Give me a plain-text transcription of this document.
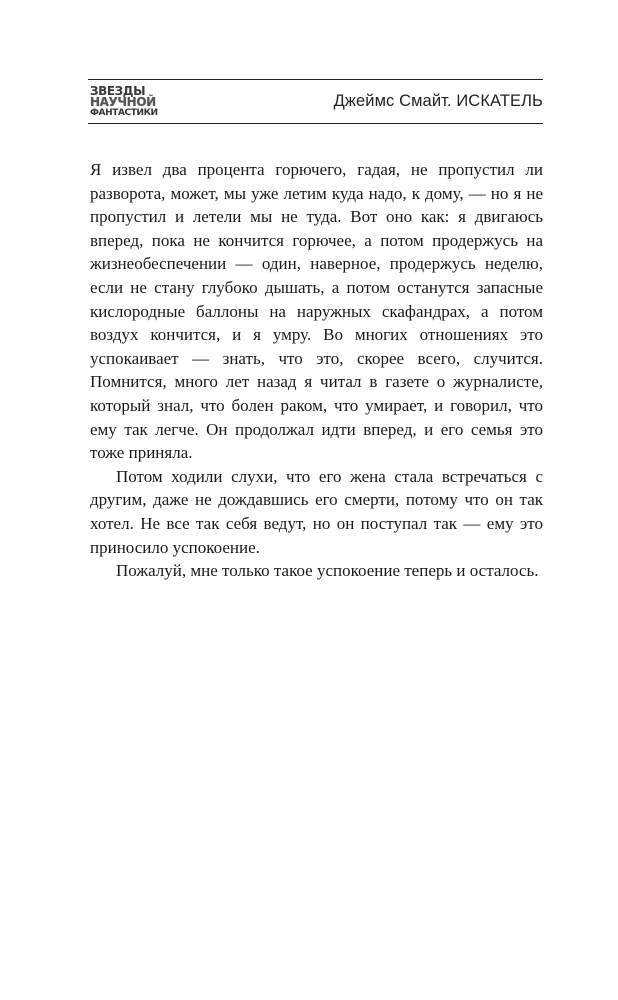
ЗВЕЗДЫ
НАУЧНОЙ
ФАНТАСТИКИ
Джеймс Смайт. ИСКАТЕЛЬ

Я извел два процента горючего, гадая, не пропустил ли разворота, может, мы уже летим куда надо, к дому, — но я не пропустил и летели мы не туда. Вот оно как: я двигаюсь вперед, пока не кончится горючее, а потом продержусь на жизнеобеспечении — один, наверное, продержусь неделю, если не стану глубоко дышать, а потом останутся запасные кислородные баллоны на наружных скафандрах, а потом воздух кончится, и я умру. Во многих отношениях это успокаивает — знать, что это, скорее всего, случится. Помнится, много лет назад я читал в газете о журналисте, который знал, что болен раком, что умирает, и говорил, что ему так легче. Он продолжал идти вперед, и его семья это тоже приняла.

Потом ходили слухи, что его жена стала встречаться с другим, даже не дождавшись его смерти, потому что он так хотел. Не все так себя ведут, но он поступал так — ему это приносило успокоение.

Пожалуй, мне только такое успокоение теперь и осталось.
